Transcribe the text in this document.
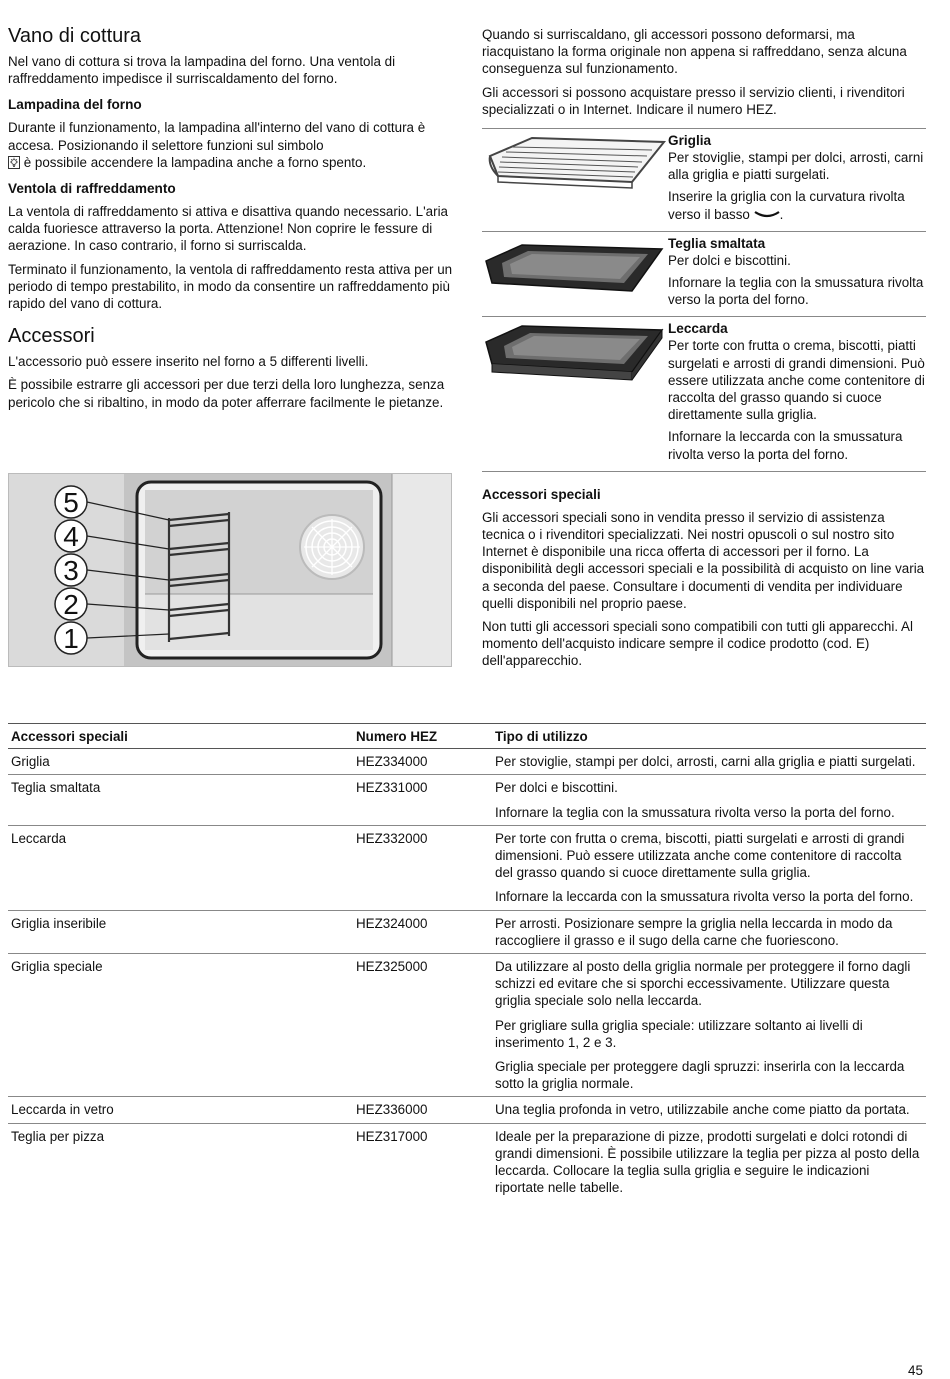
Vano di cottura

Nel vano di cottura si trova la lampadina del forno. Una ventola di raffreddamento impedisce il surriscaldamento del forno.

Lampadina del forno

Durante il funzionamento, la lampadina all'interno del vano di cottura è accesa. Posizionando il selettore funzioni sul simbolo

è possibile accendere la lampadina anche a forno spento.

Ventola di raffreddamento

La ventola di raffreddamento si attiva e disattiva quando necessario. L'aria calda fuoriesce attraverso la porta. Attenzione! Non coprire le fessure di aerazione. In caso contrario, il forno si surriscalda.

Terminato il funzionamento, la ventola di raffreddamento resta attiva per un periodo di tempo prestabilito, in modo da consentire un raffreddamento più rapido del vano di cottura.

Accessori

L'accessorio può essere inserito nel forno a 5 differenti livelli.

È possibile estrarre gli accessori per due terzi della loro lunghezza, senza pericolo che si ribaltino, in modo da poter afferrare facilmente le pietanze.

5
4
3
2
1

Quando si surriscaldano, gli accessori possono deformarsi, ma riacquistano la forma originale non appena si raffreddano, senza alcuna conseguenza sul funzionamento.

Gli accessori si possono acquistare presso il servizio clienti, i rivenditori specializzati o in Internet. Indicare il numero HEZ.

Griglia

Per stoviglie, stampi per dolci, arrosti, carni alla griglia e piatti surgelati.

Inserire la griglia con la curvatura rivolta verso il basso .

Teglia smaltata

Per dolci e biscottini.

Infornare la teglia con la smussatura rivolta verso la porta del forno.

Leccarda

Per torte con frutta o crema, biscotti, piatti surgelati e arrosti di grandi dimensioni. Può essere utilizzata anche come contenitore di raccolta del grasso quando si cuoce direttamente sulla griglia.

Infornare la leccarda con la smussatura rivolta verso la porta del forno.

Accessori speciali

Gli accessori speciali sono in vendita presso il servizio di assistenza tecnica o i rivenditori specializzati. Nei nostri opuscoli o sul nostro sito Internet è disponibile una ricca offerta di accessori per il forno. La disponibilità degli accessori speciali e la possibilità di acquisto on line varia a seconda del paese. Consultare i documenti di vendita per individuare quelli disponibili nel proprio paese.

Non tutti gli accessori speciali sono compatibili con tutti gli apparecchi. Al momento dell'acquisto indicare sempre il codice prodotto (cod. E) dell'apparecchio.

Accessori speciali	Numero HEZ	Tipo di utilizzo
Griglia	HEZ334000	Per stoviglie, stampi per dolci, arrosti, carni alla griglia e piatti surgelati.

Teglia smaltata	HEZ331000	Per dolci e biscottini.

Infornare la teglia con la smussatura rivolta verso la porta del forno.

Leccarda	HEZ332000	Per torte con frutta o crema, biscotti, piatti surgelati e arrosti di grandi dimensioni. Può essere utilizzata anche come contenitore di raccolta del grasso quando si cuoce direttamente sulla griglia.

Infornare la leccarda con la smussatura rivolta verso la porta del forno.

Griglia inseribile	HEZ324000	Per arrosti. Posizionare sempre la griglia nella leccarda in modo da raccogliere il grasso e il sugo della carne che fuoriescono.

Griglia speciale	HEZ325000	Da utilizzare al posto della griglia normale per proteggere il forno dagli schizzi ed evitare che si sporchi eccessivamente. Utilizzare questa griglia speciale solo nella leccarda.

Per grigliare sulla griglia speciale: utilizzare soltanto ai livelli di inserimento 1, 2 e 3.

Griglia speciale per proteggere dagli spruzzi: inserirla con la leccarda sotto la griglia normale.

Leccarda in vetro	HEZ336000	Una teglia profonda in vetro, utilizzabile anche come piatto da portata.

Teglia per pizza	HEZ317000	Ideale per la preparazione di pizze, prodotti surgelati e dolci rotondi di grandi dimensioni. È possibile utilizzare la teglia per pizza al posto della leccarda. Collocare la teglia sulla griglia e seguire le indicazioni riportate nelle tabelle.

45
